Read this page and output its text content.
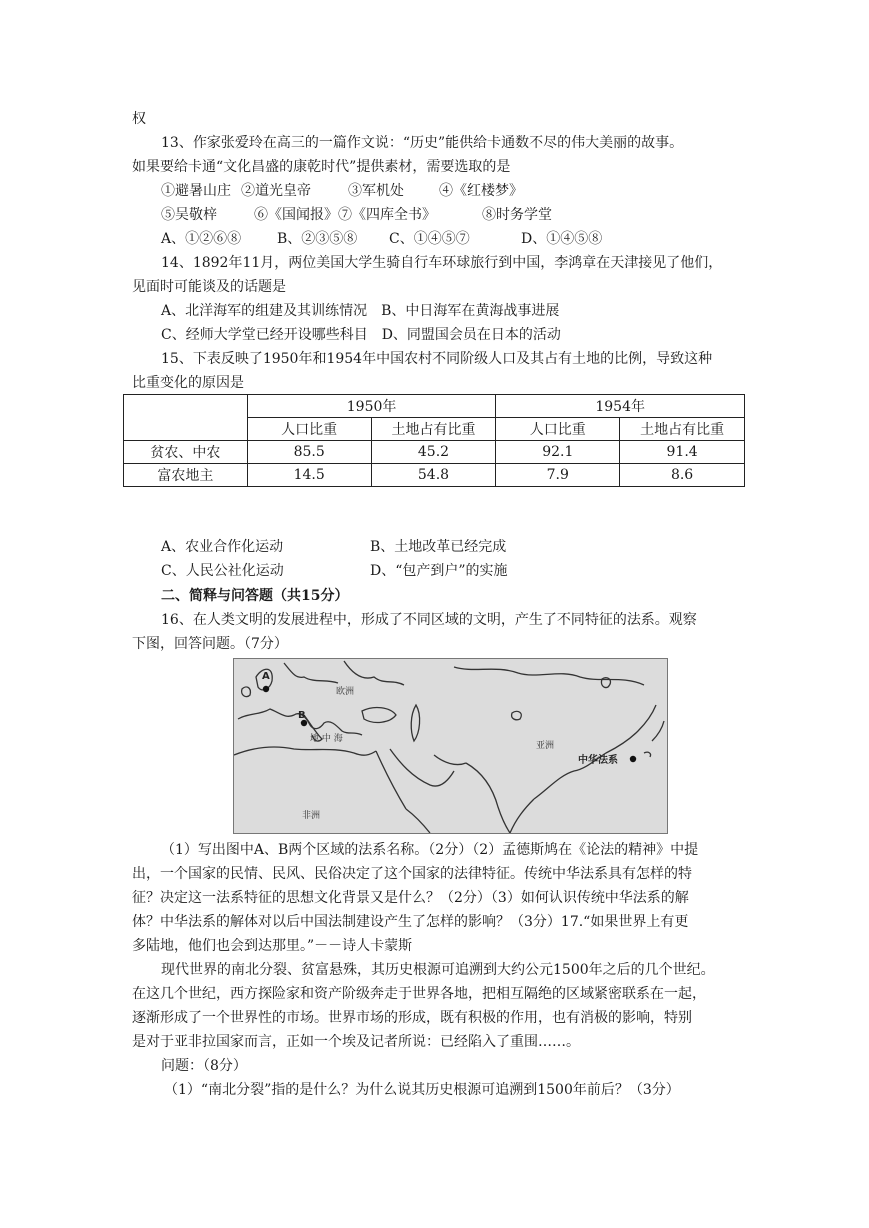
权
13、作家张爱玲在高三的一篇作文说：“历史”能供给卡通数不尽的伟大美丽的故事。
如果要给卡通“文化昌盛的康乾时代”提供素材，需要选取的是
①避暑山庄 ②道光皇帝	③军机处	④《红楼梦》
⑤吴敬梓	⑥《国闻报》⑦《四库全书》	⑧时务学堂
A、①②⑥⑧	B、②③⑤⑧ C、①④⑤⑦	D、①④⑤⑧
14、1892年11月，两位美国大学生骑自行车环球旅行到中国，李鸿章在天津接见了他们，
见面时可能谈及的话题是
A、北洋海军的组建及其训练情况　B、中日海军在黄海战事进展
C、经师大学堂已经开设哪些科目　D、同盟国会员在日本的活动
15、下表反映了1950年和1954年中国农村不同阶级人口及其占有土地的比例，导致这种
比重变化的原因是
	1950年		1954年	
	人口比重	土地占有比重	人口比重	土地占有比重
贫农、中农	85.5	45.2	92.1	91.4
富农地主	14.5	54.8	7.9	8.6
A、农业合作化运动	B、土地改革已经完成
C、人民公社化运动	D、“包产到户”的实施
二、简释与问答题（共15分）
16、在人类文明的发展进程中，形成了不同区域的文明，产生了不同特征的法系。观察
下图，回答问题。（7分）
A
B
欧洲
亚洲
非洲
地 中 海
中华法系
（1）写出图中A、B两个区域的法系名称。（2分）（2）孟德斯鸠在《论法的精神》中提
出，一个国家的民情、民风、民俗决定了这个国家的法律特征。传统中华法系具有怎样的特
征？决定这一法系特征的思想文化背景又是什么？（2分）（3）如何认识传统中华法系的解
体？中华法系的解体对以后中国法制建设产生了怎样的影响？（3分）17.“如果世界上有更
多陆地，他们也会到达那里。”－－诗人卡蒙斯
现代世界的南北分裂、贫富悬殊，其历史根源可追溯到大约公元1500年之后的几个世纪。
在这几个世纪，西方探险家和资产阶级奔走于世界各地，把相互隔绝的区域紧密联系在一起，
逐渐形成了一个世界性的市场。世界市场的形成，既有积极的作用，也有消极的影响，特别
是对于亚非拉国家而言，正如一个埃及记者所说：已经陷入了重围……。
问题：（8分）
（1）“南北分裂”指的是什么？为什么说其历史根源可追溯到1500年前后？（3分）
